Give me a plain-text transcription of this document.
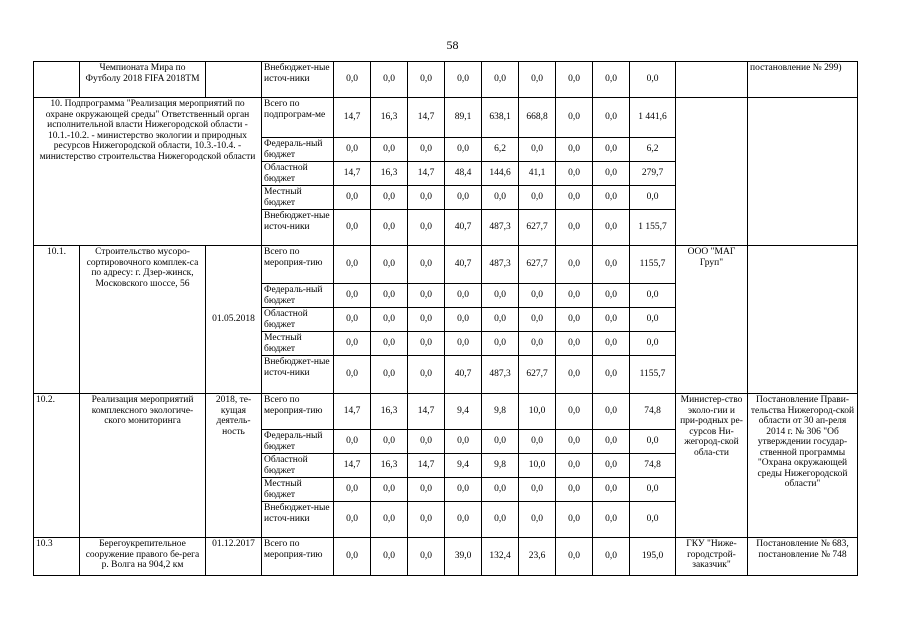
58
	Чемпионата Мира по Футболу 2018 FIFA 2018TM		Внебюджет-ные источ-ники	0,0	0,0	0,0	0,0	0,0	0,0	0,0	0,0	0,0		постановление № 299)
10. Подпрограмма "Реализация мероприятий по охране окружающей среды" Ответственный орган исполнительной власти Нижегородской области - 10.1.-10.2. - министерство экологии и природных ресурсов Нижегородской области, 10.3.-10.4. - министерство строительства Нижегородской области			Всего по подпрограм-ме	14,7	16,3	14,7	89,1	638,1	668,8	0,0	0,0	1 441,6		
			Федераль-ный бюджет	0,0	0,0	0,0	0,0	6,2	0,0	0,0	0,0	6,2		
			Областной бюджет	14,7	16,3	14,7	48,4	144,6	41,1	0,0	0,0	279,7		
			Местный бюджет	0,0	0,0	0,0	0,0	0,0	0,0	0,0	0,0	0,0		
			Внебюджет-ные источ-ники	0,0	0,0	0,0	40,7	487,3	627,7	0,0	0,0	1 155,7		
10.1.	Строительство мусоро-сортировочного комплек-са по адресу: г. Дзер-жинск, Московского шоссе, 56	01.05.2018	Всего по мероприя-тию	0,0	0,0	0,0	40,7	487,3	627,7	0,0	0,0	1155,7	ООО "МАГ Груп"	
			Федераль-ный бюджет	0,0	0,0	0,0	0,0	0,0	0,0	0,0	0,0	0,0		
			Областной бюджет	0,0	0,0	0,0	0,0	0,0	0,0	0,0	0,0	0,0		
			Местный бюджет	0,0	0,0	0,0	0,0	0,0	0,0	0,0	0,0	0,0		
			Внебюджет-ные источ-ники	0,0	0,0	0,0	40,7	487,3	627,7	0,0	0,0	1155,7		
10.2.	Реализация мероприятий комплексного экологиче-ского мониторинга	2018, те-кущая деятель-ность	Всего по мероприя-тию	14,7	16,3	14,7	9,4	9,8	10,0	0,0	0,0	74,8	Министер-ство эколо-гии и при-родных ре-сурсов Ни-жегород-ской обла-сти	Постановление Прави-тельства Нижегород-ской области от 30 ап-реля 2014 г. № 306 "Об утверждении государ-ственной программы "Охрана окружающей среды Нижегородской области"
			Федераль-ный бюджет	0,0	0,0	0,0	0,0	0,0	0,0	0,0	0,0	0,0		
			Областной бюджет	14,7	16,3	14,7	9,4	9,8	10,0	0,0	0,0	74,8		
			Местный бюджет	0,0	0,0	0,0	0,0	0,0	0,0	0,0	0,0	0,0		
			Внебюджет-ные источ-ники	0,0	0,0	0,0	0,0	0,0	0,0	0,0	0,0	0,0		
10.3	Берегоукрепительное сооружение правого бе-рега р. Волга на 904,2 км	01.12.2017	Всего по мероприя-тию	0,0	0,0	0,0	39,0	132,4	23,6	0,0	0,0	195,0	ГКУ "Ниже-городстрой-заказчик"	Постановление № 683, постановление № 748
